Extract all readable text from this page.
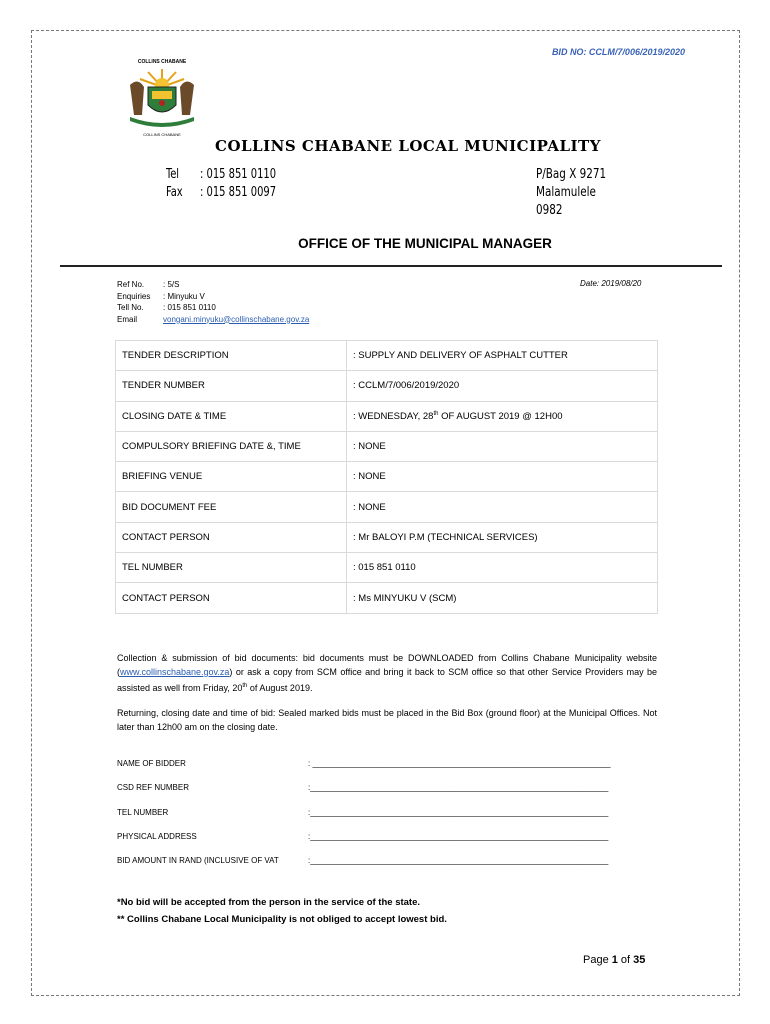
BID NO: CCLM/7/006/2019/2020
COLLINS CHABANE
COLLINS CHABANE
COLLINS CHABANE LOCAL MUNICIPALITY
Tel : 015 851 0110
Fax : 015 851 0097
P/Bag X 9271
Malamulele
0982
OFFICE OF THE MUNICIPAL MANAGER
Ref No. : 5/S
Enquiries : Minyuku V
Tell No. : 015 851 0110
Email	vongani.minyuku@collinschabane.gov.za
Date: 2019/08/20
TENDER DESCRIPTION	: SUPPLY AND DELIVERY OF ASPHALT CUTTER
TENDER NUMBER	: CCLM/7/006/2019/2020
CLOSING DATE & TIME	: WEDNESDAY, 28th OF AUGUST 2019 @ 12H00
COMPULSORY BRIEFING DATE &, TIME	: NONE
BRIEFING VENUE	: NONE
BID DOCUMENT FEE	: NONE
CONTACT PERSON	: Mr BALOYI P.M (TECHNICAL SERVICES)
TEL NUMBER	: 015 851 0110
CONTACT PERSON	: Ms MINYUKU V (SCM)
Collection & submission of bid documents: bid documents must be DOWNLOADED from Collins Chabane Municipality website (www.collinschabane.gov.za) or ask a copy from SCM office and bring it back to SCM office so that other Service Providers may be assisted as well from Friday, 20th of August 2019.
Returning, closing date and time of bid: Sealed marked bids must be placed in the Bid Box (ground floor) at the Municipal Offices. Not later than 12h00 am on the closing date.
NAME OF BIDDER	: ___________________________________________________________________
CSD REF NUMBER	:___________________________________________________________________
TEL NUMBER	:___________________________________________________________________
PHYSICAL ADDRESS	:___________________________________________________________________
BID AMOUNT IN RAND (INCLUSIVE OF VAT	:___________________________________________________________________
*No bid will be accepted from the person in the service of the state.
** Collins Chabane Local Municipality is not obliged to accept lowest bid.
Page 1 of 35
